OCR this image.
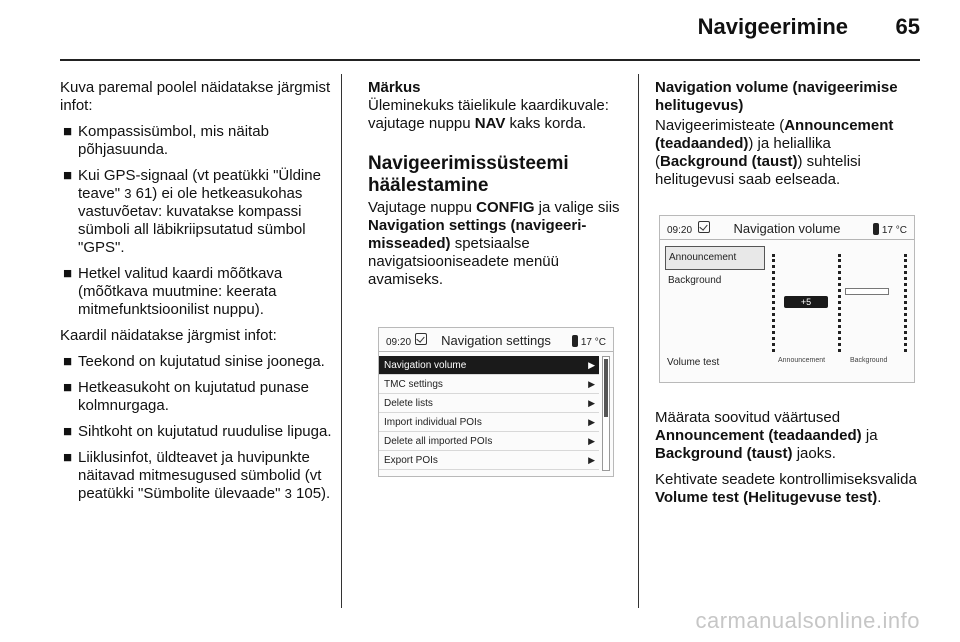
Navigeerimine 65

Kuva paremal poolel näidatakse järgmist infot:

■ Kompassisümbol, mis näitab põhjasuunda.
■ Kui GPS-signaal (vt peatükki "Üldine teave" 3 61) ei ole hetkeasukohas vastuvõetav: kuvatakse kompassi sümboli all läbikriipsutatud sümbol "GPS".
■ Hetkel valitud kaardi mõõtkava (mõõtkava muutmine: keerata mitmefunktsioonilist nuppu).

Kaardil näidatakse järgmist infot:

■ Teekond on kujutatud sinise joonega.
■ Hetkeasukoht on kujutatud punase kolmnurgaga.
■ Sihtkoht on kujutatud ruudulise lipuga.
■ Liiklusinfot, üldteavet ja huvipunkte näitavad mitmesugused sümbolid (vt peatükki "Sümbolite ülevaade" 3 105).

Märkus
Üleminekuks täielikule kaardikuvale: vajutage nuppu NAV kaks korda.

Navigeerimissüsteemi häälestamine

Vajutage nuppu CONFIG ja valige siis Navigation settings (navigeeri-misseaded) spetsiaalse navigatsiooniseadete menüü avamiseks.

09:20	Navigation settings	17 °C
Navigation volume	▶
TMC settings	▶
Delete lists	▶
Import individual POIs	▶
Delete all imported POIs	▶
Export POIs	▶

Navigation volume (navigeerimise helitugevus)

Navigeerimisteate (Announcement (teadaanded)) ja heliallika (Background (taust)) suhtelisi helitugevusi saab eelseada.

09:20	Navigation volume	17 °C
Announcement
Background
Volume test
+5
Announcement	Background

Määrata soovitud väärtused
Announcement (teadaanded) ja
Background (taust) jaoks.

Kehtivate seadete kontrollimiseksvalida Volume test (Helitugevuse test).

carmanualsonline.info
